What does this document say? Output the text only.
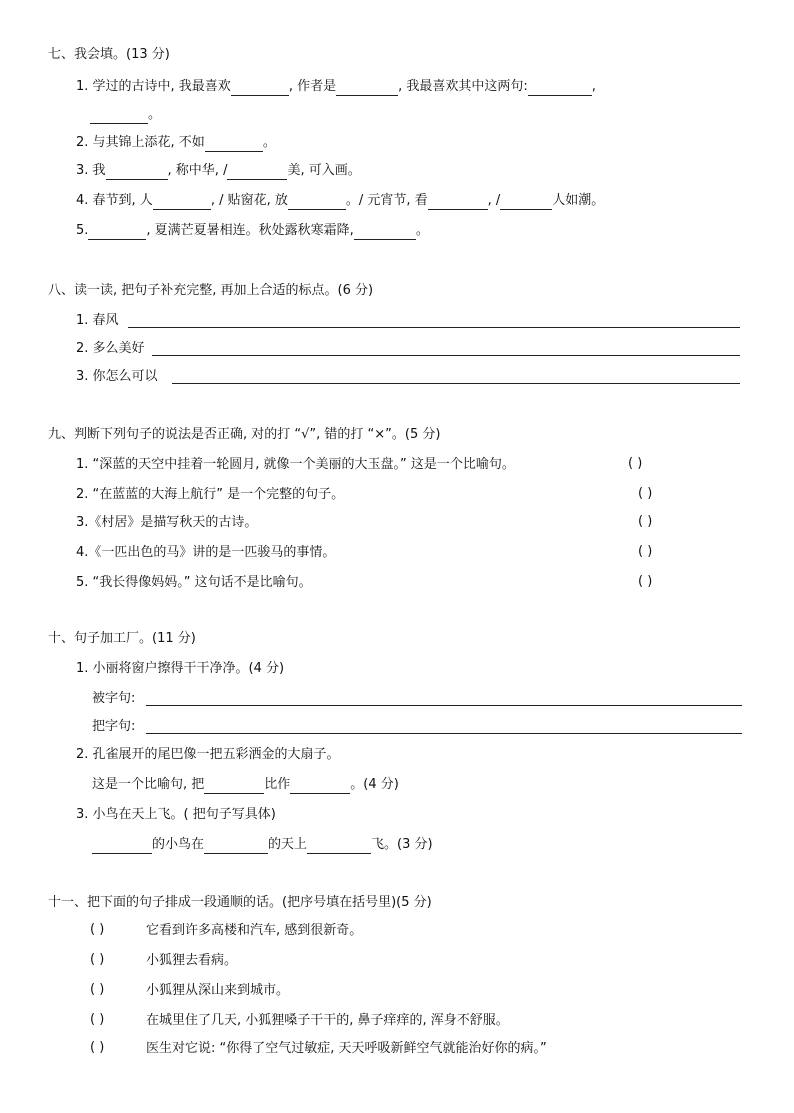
七、我会填。(13 分)
1. 学过的古诗中, 我最喜欢	, 作者是	, 我最喜欢其中这两句:	,
。
2. 与其锦上添花, 不如	。
3. 我	, 称中华, /	美, 可入画。
4. 春节到, 人	, / 贴窗花, 放	。/ 元宵节, 看	, /	人如潮。
5.	, 夏满芒夏暑相连。秋处露秋寒霜降,	。
八、读一读, 把句子补充完整, 再加上合适的标点。(6 分)
1. 春风
2. 多么美好
3. 你怎么可以
九、判断下列句子的说法是否正确, 对的打 “√”, 错的打 “×”。(5 分)
1. “深蓝的天空中挂着一轮圆月, 就像一个美丽的大玉盘。” 这是一个比喻句。	( )
2. “在蓝蓝的大海上航行” 是一个完整的句子。	( )
3.《村居》是描写秋天的古诗。	( )
4.《一匹出色的马》讲的是一匹骏马的事情。	( )
5. “我长得像妈妈。” 这句话不是比喻句。	( )
十、句子加工厂。(11 分)
1. 小丽将窗户擦得干干净净。(4 分)
被字句:
把字句:
2. 孔雀展开的尾巴像一把五彩洒金的大扇子。
这是一个比喻句, 把	比作	。(4 分)
3. 小鸟在天上飞。( 把句子写具体)
的小鸟在	的天上	飞。(3 分)
十一、把下面的句子排成一段通顺的话。(把序号填在括号里)(5 分)
( )	它看到许多高楼和汽车, 感到很新奇。
( )	小狐狸去看病。
( )	小狐狸从深山来到城市。
( )	在城里住了几天, 小狐狸嗓子干干的, 鼻子痒痒的, 浑身不舒服。
( )	医生对它说: “你得了空气过敏症, 天天呼吸新鲜空气就能治好你的病。”
